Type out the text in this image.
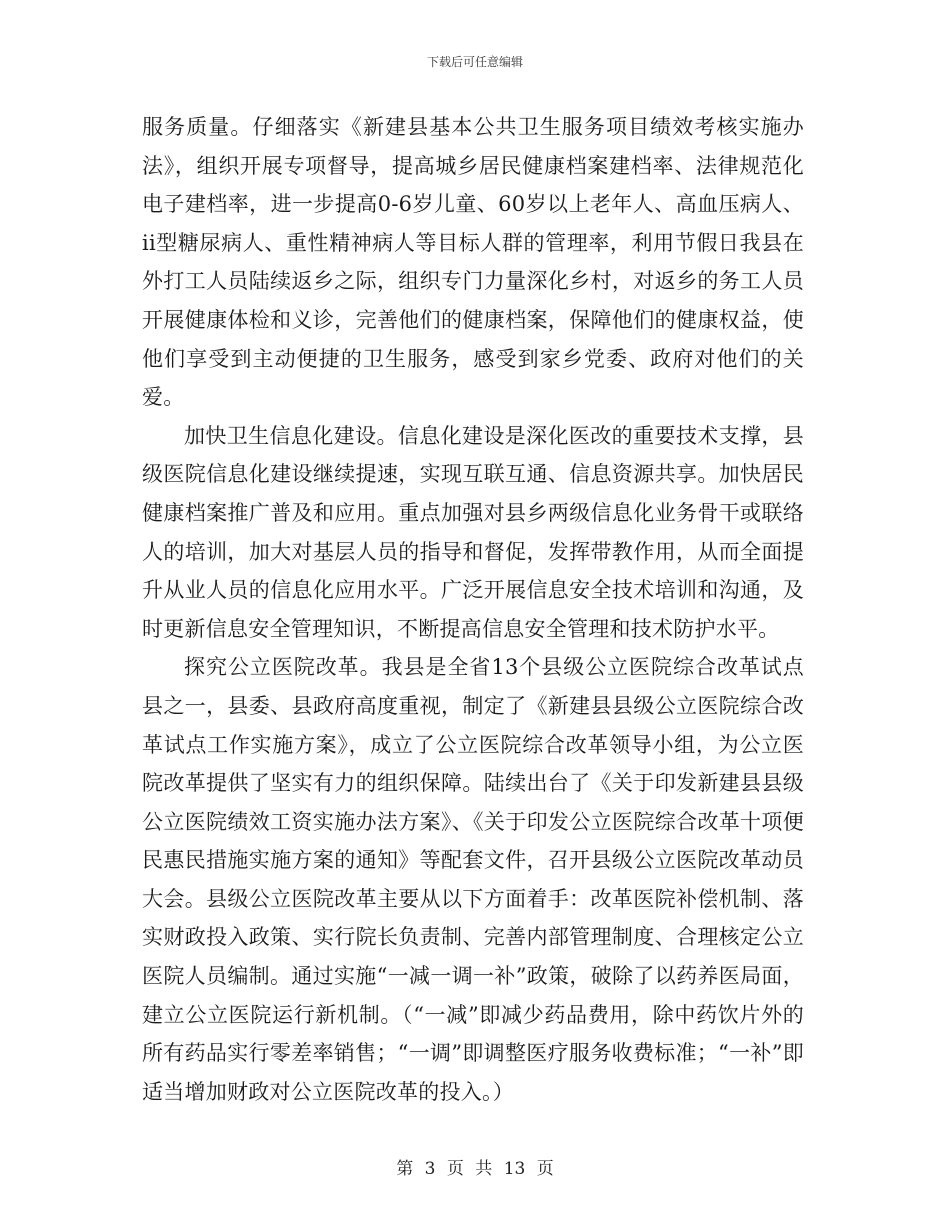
下载后可任意编辑

服务质量。仔细落实《新建县基本公共卫生服务项目绩效考核实施办法》，组织开展专项督导，提高城乡居民健康档案建档率、法律规范化电子建档率，进一步提高0-6岁儿童、60岁以上老年人、高血压病人、ii型糖尿病人、重性精神病人等目标人群的管理率，利用节假日我县在外打工人员陆续返乡之际，组织专门力量深化乡村，对返乡的务工人员开展健康体检和义诊，完善他们的健康档案，保障他们的健康权益，使他们享受到主动便捷的卫生服务，感受到家乡党委、政府对他们的关爱。

加快卫生信息化建设。信息化建设是深化医改的重要技术支撑，县级医院信息化建设继续提速，实现互联互通、信息资源共享。加快居民健康档案推广普及和应用。重点加强对县乡两级信息化业务骨干或联络人的培训，加大对基层人员的指导和督促，发挥带教作用，从而全面提升从业人员的信息化应用水平。广泛开展信息安全技术培训和沟通，及时更新信息安全管理知识，不断提高信息安全管理和技术防护水平。

探究公立医院改革。我县是全省13个县级公立医院综合改革试点县之一，县委、县政府高度重视，制定了《新建县县级公立医院综合改革试点工作实施方案》，成立了公立医院综合改革领导小组，为公立医院改革提供了坚实有力的组织保障。陆续出台了《关于印发新建县县级公立医院绩效工资实施办法方案》、《关于印发公立医院综合改革十项便民惠民措施实施方案的通知》等配套文件，召开县级公立医院改革动员大会。县级公立医院改革主要从以下方面着手：改革医院补偿机制、落实财政投入政策、实行院长负责制、完善内部管理制度、合理核定公立医院人员编制。通过实施“一减一调一补”政策，破除了以药养医局面，建立公立医院运行新机制。（“一减”即减少药品费用，除中药饮片外的所有药品实行零差率销售；“一调”即调整医疗服务收费标准；“一补”即适当增加财政对公立医院改革的投入。）

第 3 页 共 13 页
